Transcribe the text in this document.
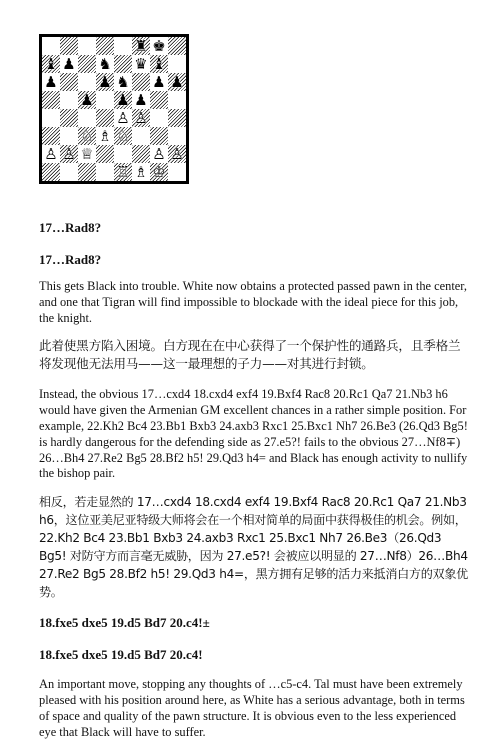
♜ ♚
♝ ♟ ♞ ♛ ♝
♟	♟ ♞ ♟ ♟
♟ ♟ ♟
♙ ♙
♘ ♗ ♘
♙ ♙ ♕	♙ ♙
♖ ♗ ♔

17…Rad8?

17…Rad8?

This gets Black into trouble. White now obtains a protected passed pawn in the center, and one that Tigran will find impossible to blockade with the ideal piece for this job, the knight.

此着使黑方陷入困境。白方现在在中心获得了一个保护性的通路兵，且季格兰将发现他无法用马——这一最理想的子力——对其进行封锁。

Instead, the obvious 17…cxd4 18.cxd4 exf4 19.Bxf4 Rac8 20.Rc1 Qa7 21.Nb3 h6 would have given the Armenian GM excellent chances in a rather simple position. For example, 22.Kh2 Bc4 23.Bb1 Bxb3 24.axb3 Rxc1 25.Bxc1 Nh7 26.Be3 (26.Qd3 Bg5! is hardly dangerous for the defending side as 27.e5?! fails to the obvious 27…Nf8∓) 26…Bh4 27.Re2 Bg5 28.Bf2 h5! 29.Qd3 h4= and Black has enough activity to nullify the bishop pair.

相反，若走显然的 17…cxd4 18.cxd4 exf4 19.Bxf4 Rac8 20.Rc1 Qa7 21.Nb3 h6，这位亚美尼亚特级大师将会在一个相对简单的局面中获得极佳的机会。例如，22.Kh2 Bc4 23.Bb1 Bxb3 24.axb3 Rxc1 25.Bxc1 Nh7 26.Be3（26.Qd3 Bg5! 对防守方而言毫无威胁，因为 27.e5?! 会被应以明显的 27…Nf8）26…Bh4 27.Re2 Bg5 28.Bf2 h5! 29.Qd3 h4=，黑方拥有足够的活力来抵消白方的双象优势。

18.fxe5 dxe5 19.d5 Bd7 20.c4!±

18.fxe5 dxe5 19.d5 Bd7 20.c4!

An important move, stopping any thoughts of …c5-c4. Tal must have been extremely pleased with his position around here, as White has a serious advantage, both in terms of space and quality of the pawn structure. It is obvious even to the less experienced eye that Black will have to suffer.
